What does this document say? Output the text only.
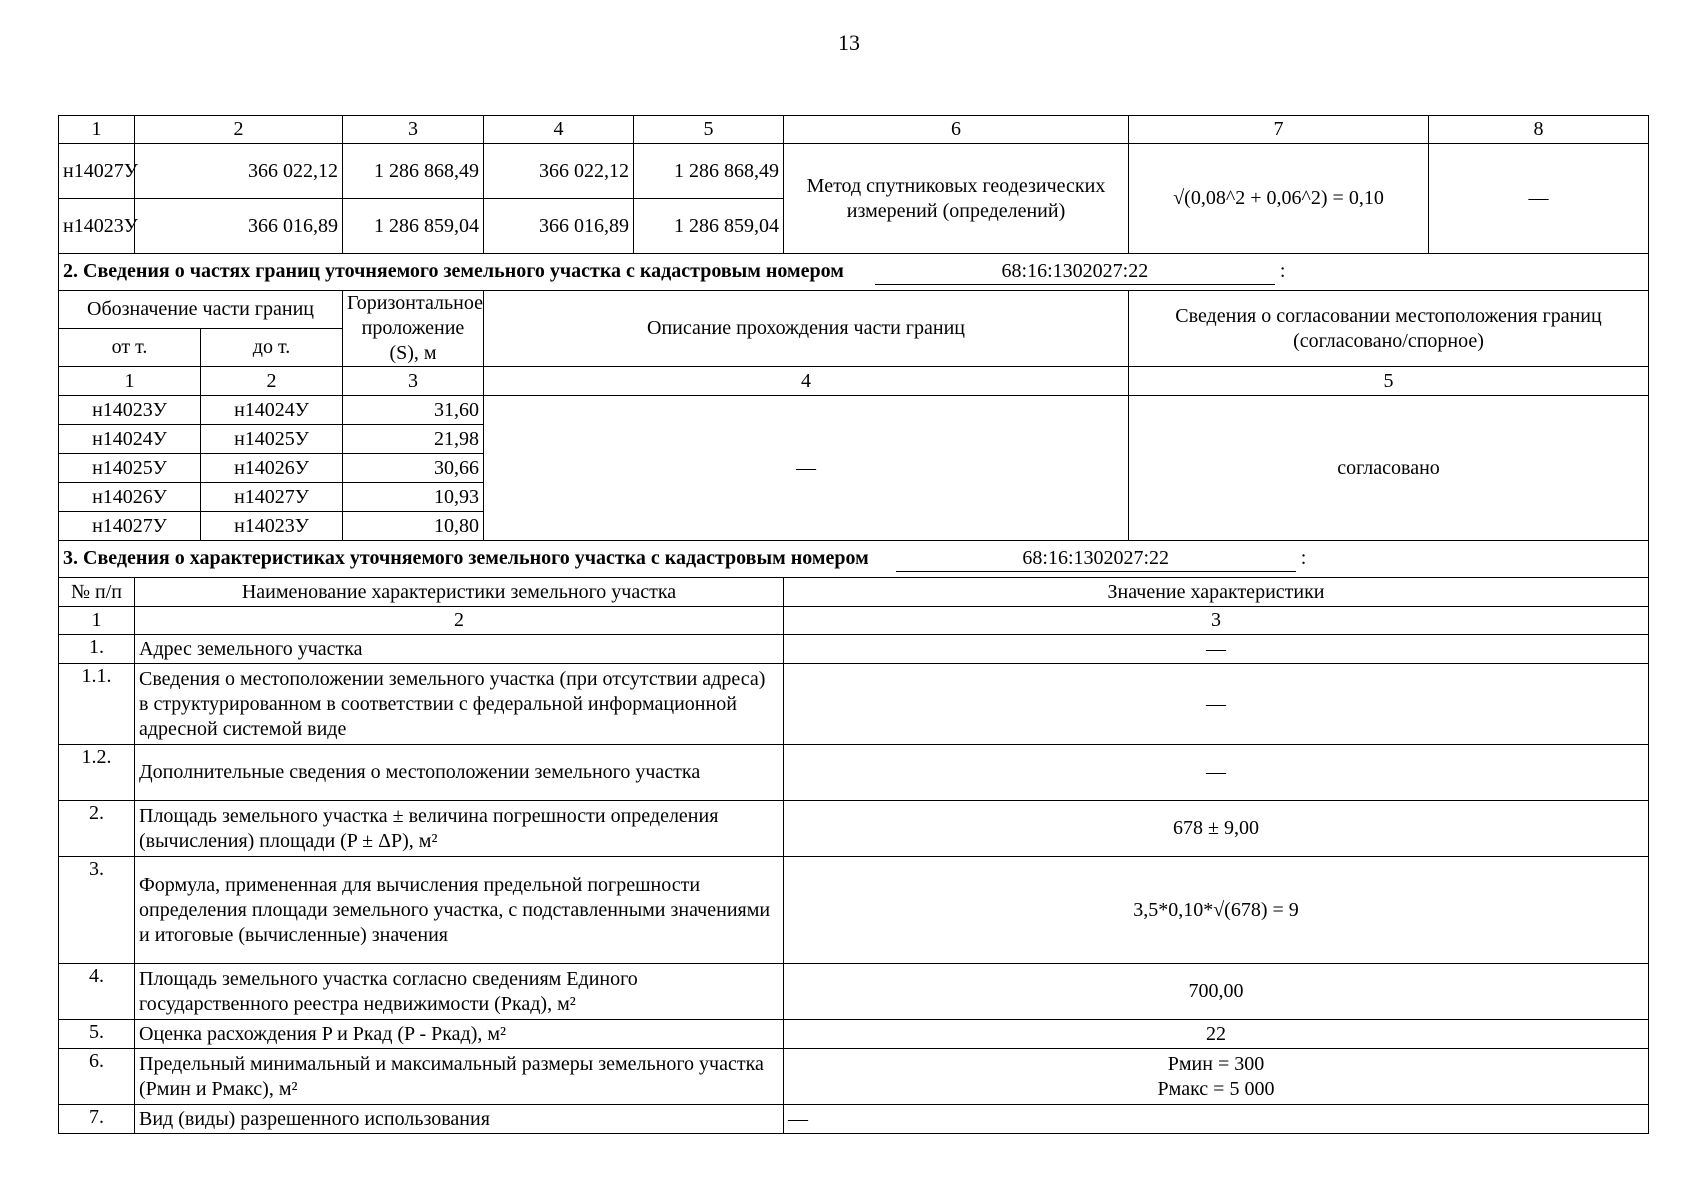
13
1	2		3	4	5	6	7	8
н14027У	366 022,12		1 286 868,49	366 022,12	1 286 868,49	Метод спутниковых геодезических измерений (определений)	√(0,08^2 + 0,06^2) = 0,10	—
н14023У	366 016,89		1 286 859,04	366 016,89	1 286 859,04			
2. Сведения о частях границ уточняемого земельного участка с кадастровым номером 68:16:1302027:22 :								
Обозначение части границ			Горизонтальное проложение (S), м	Описание прохождения части границ			Сведения о согласовании местоположения границ (согласовано/спорное)	
от т.		до т.						
1		2	3	4			5	
н14023У		н14024У	31,60	—			согласовано	
н14024У		н14025У	21,98					
н14025У		н14026У	30,66					
н14026У		н14027У	10,93					
н14027У		н14023У	10,80					
3. Сведения о характеристиках уточняемого земельного участка с кадастровым номером 68:16:1302027:22 :								
№ п/п	Наименование характеристики земельного участка					Значение характеристики		
1	2					3		
1.	Адрес земельного участка					—		
1.1.	Сведения о местоположении земельного участка (при отсутствии адреса) в структурированном в соответствии с федеральной информационной адресной системой виде					—		
1.2.	Дополнительные сведения о местоположении земельного участка					—		
2.	Площадь земельного участка ± величина погрешности определения (вычисления) площади (P ± ΔP), м²					678 ± 9,00		
3.	Формула, примененная для вычисления предельной погрешности определения площади земельного участка, с подставленными значениями и итоговые (вычисленные) значения					3,5*0,10*√(678) = 9		
4.	Площадь земельного участка согласно сведениям Единого государственного реестра недвижимости (Pкад), м²					700,00		
5.	Оценка расхождения P и Pкад (P - Pкад), м²					22		
6.	Предельный минимальный и максимальный размеры земельного участка (Pмин и Pмакс), м²					Pмин = 300
Pмакс = 5 000		

7.	Вид (виды) разрешенного использования					—		
